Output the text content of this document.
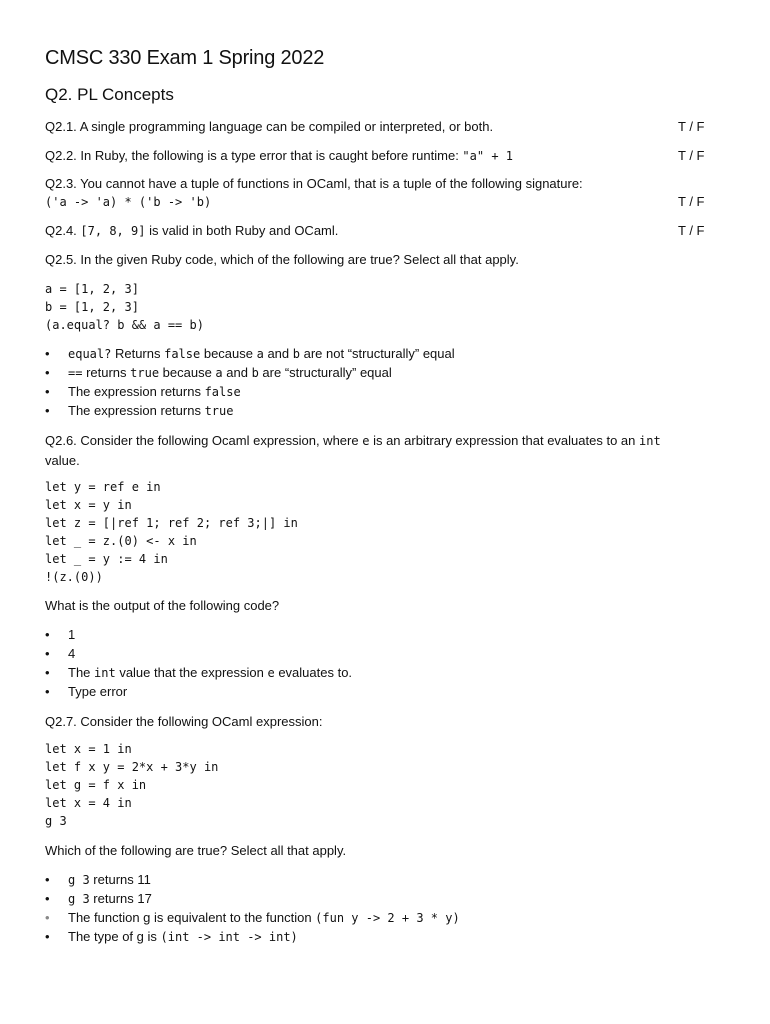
CMSC 330 Exam 1 Spring 2022
Q2. PL Concepts
Q2.1. A single programming language can be compiled or interpreted, or both.	T / F
Q2.2. In Ruby, the following is a type error that is caught before runtime: "a" + 1	T / F
Q2.3. You cannot have a tuple of functions in OCaml, that is a tuple of the following signature:
('a -> 'a) * ('b -> 'b)	T / F
Q2.4. [7, 8, 9] is valid in both Ruby and OCaml.	T / F
Q2.5. In the given Ruby code, which of the following are true? Select all that apply.
a = [1, 2, 3]
b = [1, 2, 3]
(a.equal? b && a == b)
• equal? Returns false because a and b are not “structurally” equal
• == returns true because a and b are “structurally” equal
• The expression returns false
• The expression returns true
Q2.6. Consider the following Ocaml expression, where e is an arbitrary expression that evaluates to an int
value.
let y = ref e in
let x = y in
let z = [|ref 1; ref 2; ref 3;|] in
let _ = z.(0) <- x in
let _ = y := 4 in
!(z.(0))
What is the output of the following code?
• 1
• 4
• The int value that the expression e evaluates to.
• Type error
Q2.7. Consider the following OCaml expression:
let x = 1 in
let f x y = 2*x + 3*y in
let g = f x in
let x = 4 in
g 3
Which of the following are true? Select all that apply.
• g 3 returns 11
• g 3 returns 17
• The function g is equivalent to the function (fun y -> 2 + 3 * y)
• The type of g is (int -> int -> int)
